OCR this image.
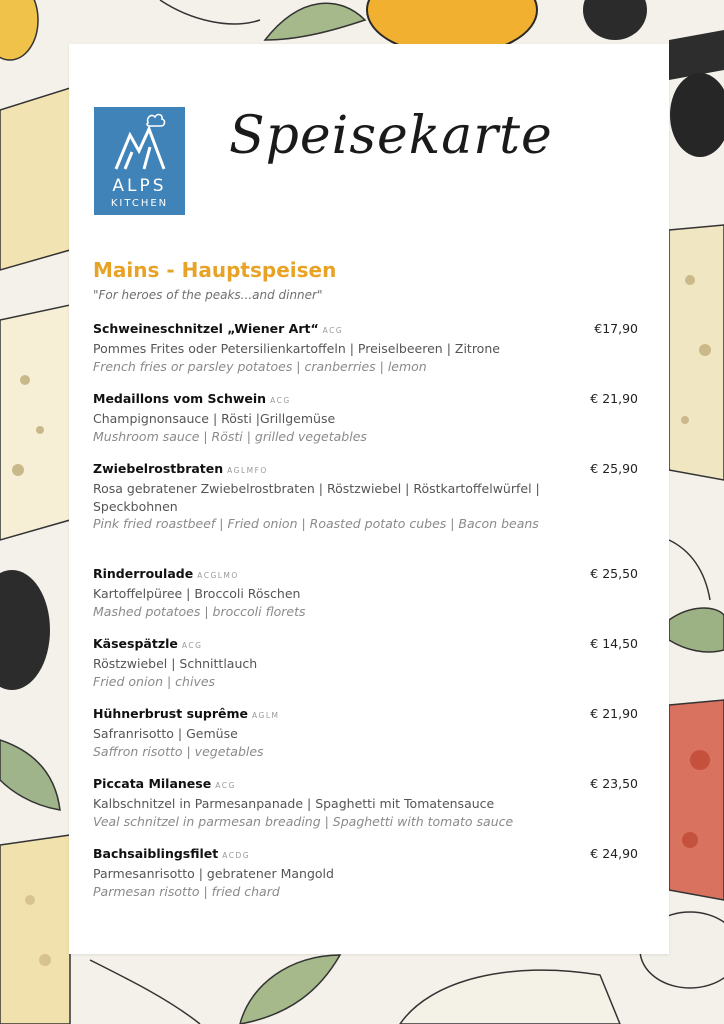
ALPS
KITCHEN
Speisekarte
Mains - Hauptspeisen
"For heroes of the peaks...and dinner"
Schweineschnitzel „Wiener Art“ ACG	€17,90
Pommes Frites oder Petersilienkartoffeln | Preiselbeeren | Zitrone
French fries or parsley potatoes | cranberries | lemon
Medaillons vom Schwein ACG	€ 21,90
Champignonsauce | Rösti |Grillgemüse
Mushroom sauce | Rösti | grilled vegetables
Zwiebelrostbraten AGLMFO	€ 25,90
Rosa gebratener Zwiebelrostbraten | Röstzwiebel | Röstkartoffelwürfel | Speckbohnen
Pink fried roastbeef | Fried onion | Roasted potato cubes | Bacon beans
Rinderroulade ACGLMO	€ 25,50
Kartoffelpüree | Broccoli Röschen
Mashed potatoes | broccoli florets
Käsespätzle ACG	€ 14,50
Röstzwiebel | Schnittlauch
Fried onion | chives
Hühnerbrust suprême AGLM	€ 21,90
Safranrisotto | Gemüse
Saffron risotto | vegetables
Piccata Milanese ACG	€ 23,50
Kalbschnitzel in Parmesanpanade | Spaghetti mit Tomatensauce
Veal schnitzel in parmesan breading | Spaghetti with tomato sauce
Bachsaiblingsfilet ACDG	€ 24,90
Parmesanrisotto | gebratener Mangold
Parmesan risotto | fried chard
